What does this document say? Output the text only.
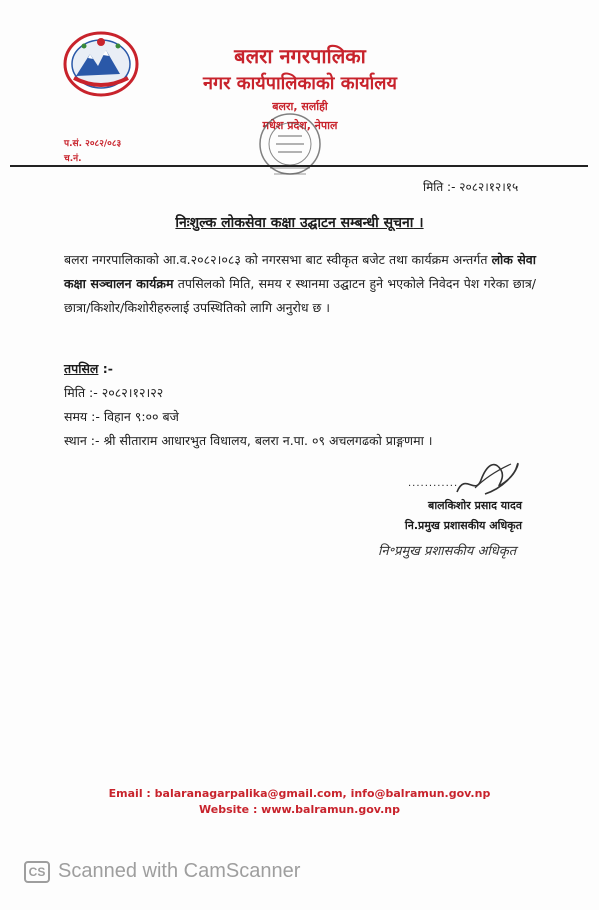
बलरा नगरपालिका
नगर कार्यपालिकाको कार्यालय
बलरा, सर्लाही
मधेश प्रदेश, नेपाल
प.सं. २०८२/०८३
च.नं.
मिति :- २०८२।१२।१५
निःशुल्क लोकसेवा कक्षा उद्घाटन सम्बन्धी सूचना ।
बलरा नगरपालिकाको आ.व.२०८२।०८३ को नगरसभा बाट स्वीकृत बजेट तथा कार्यक्रम अन्तर्गत लोक सेवा कक्षा सञ्चालन कार्यक्रम तपसिलको मिति, समय र स्थानमा उद्घाटन हुने भएकोले निवेदन पेश गरेका छात्र/छात्रा/किशोर/किशोरीहरुलाई उपस्थितिको लागि अनुरोध छ ।
तपसिल :-
मिति :- २०८२।१२।२२
समय :- विहान ९:०० बजे
स्थान :- श्री सीताराम आधारभुत विधालय, बलरा न.पा. ०९ अचलगढको प्राङ्गणमा ।
............
बालकिशोर प्रसाद यादव
नि.प्रमुख प्रशासकीय अधिकृत
नि॰प्रमुख प्रशासकीय अधिकृत
Email : balaranagarpalika@gmail.com, info@balramun.gov.np
Website : www.balramun.gov.np
CS Scanned with CamScanner
